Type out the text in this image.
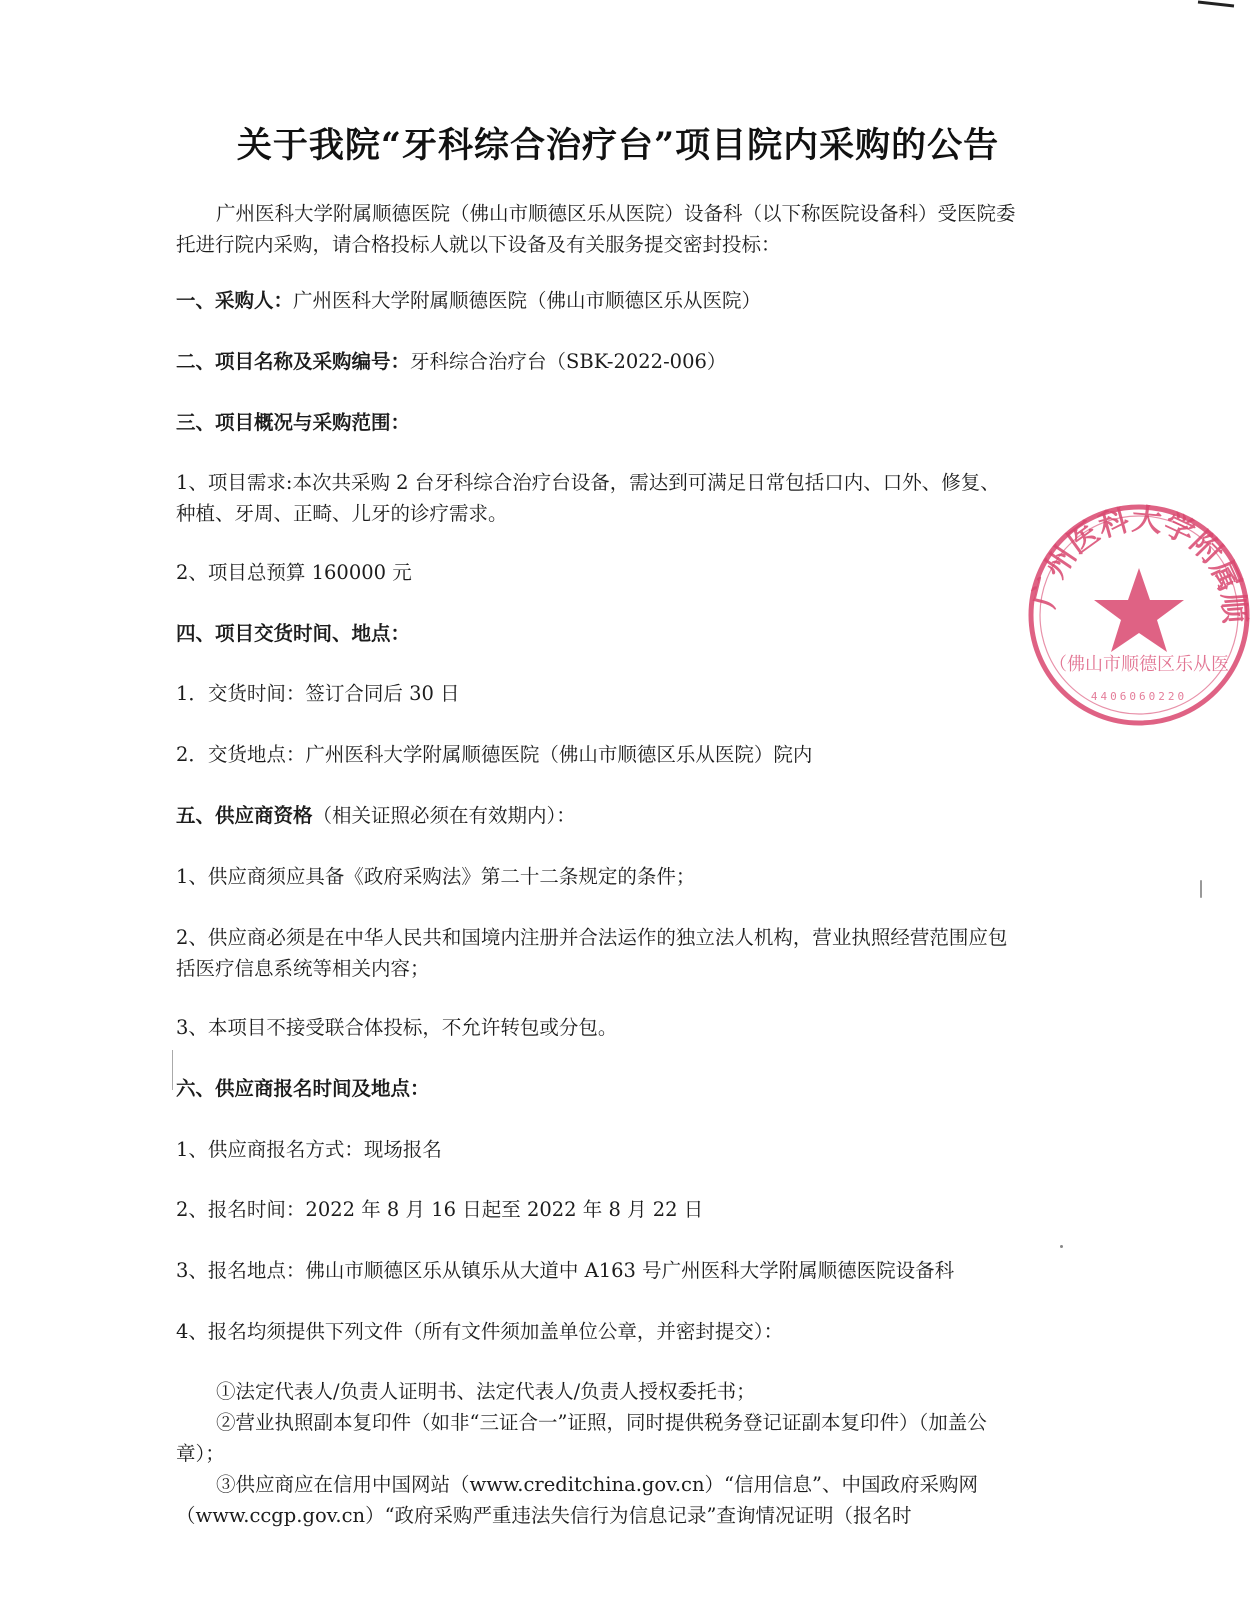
关于我院“牙科综合治疗台”项目院内采购的公告
广州医科大学附属顺德医院（佛山市顺德区乐从医院）设备科（以下称医院设备科）受医院委托进行院内采购，请合格投标人就以下设备及有关服务提交密封投标：
一、采购人：广州医科大学附属顺德医院（佛山市顺德区乐从医院）
二、项目名称及采购编号：牙科综合治疗台（SBK-2022-006）
三、项目概况与采购范围：
1、项目需求:本次共采购 2 台牙科综合治疗台设备，需达到可满足日常包括口内、口外、修复、种植、牙周、正畸、儿牙的诊疗需求。
2、项目总预算 160000 元
四、项目交货时间、地点：
1．交货时间：签订合同后 30 日
2．交货地点：广州医科大学附属顺德医院（佛山市顺德区乐从医院）院内
五、供应商资格（相关证照必须在有效期内）：
1、供应商须应具备《政府采购法》第二十二条规定的条件；
2、供应商必须是在中华人民共和国境内注册并合法运作的独立法人机构，营业执照经营范围应包括医疗信息系统等相关内容；
3、本项目不接受联合体投标，不允许转包或分包。
六、供应商报名时间及地点：
1、供应商报名方式：现场报名
2、报名时间：2022 年 8 月 16 日起至 2022 年 8 月 22 日
3、报名地点：佛山市顺德区乐从镇乐从大道中 A163 号广州医科大学附属顺德医院设备科
4、报名均须提供下列文件（所有文件须加盖单位公章，并密封提交）：
①法定代表人/负责人证明书、法定代表人/负责人授权委托书；
②营业执照副本复印件（如非“三证合一”证照，同时提供税务登记证副本复印件）（加盖公章）；
③供应商应在信用中国网站（www.creditchina.gov.cn）“信用信息”、中国政府采购网（www.ccgp.gov.cn）“政府采购严重违法失信行为信息记录”查询情况证明（报名时
广州医科大学附属顺
（佛山市顺德区乐从医
4406060220
